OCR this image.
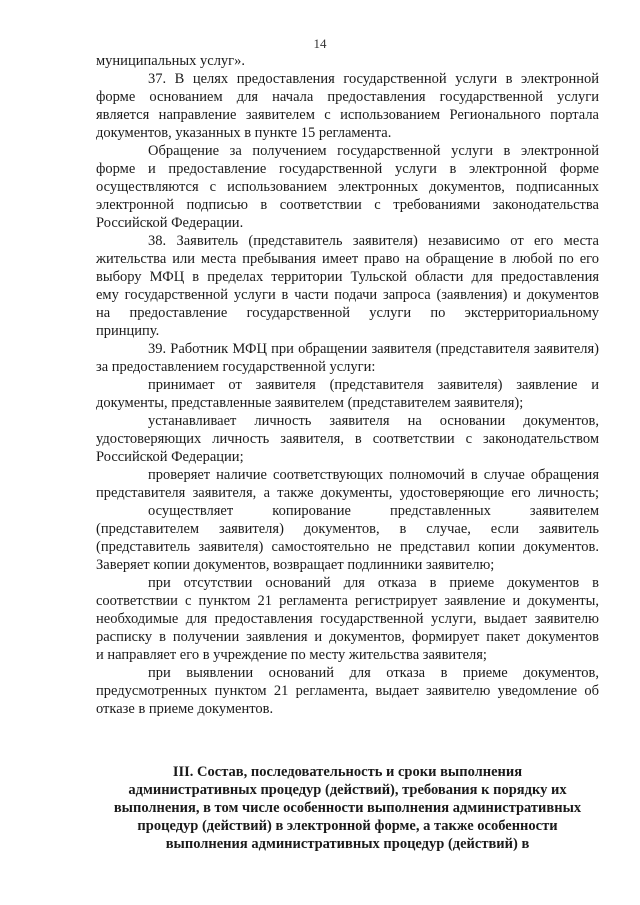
14
муниципальных услуг».
37. В целях предоставления государственной услуги в электронной
форме основанием для начала предоставления государственной услуги
является направление заявителем с использованием Регионального портала
документов, указанных в пункте 15 регламента.
Обращение за получением государственной услуги в электронной
форме и предоставление государственной услуги в электронной форме
осуществляются с использованием электронных документов, подписанных
электронной подписью в соответствии с требованиями законодательства
Российской Федерации.
38. Заявитель (представитель заявителя) независимо от его места
жительства или места пребывания имеет право на обращение в любой по его
выбору МФЦ в пределах территории Тульской области для предоставления
ему государственной услуги в части подачи запроса (заявления) и документов
на предоставление государственной услуги по экстерриториальному
принципу.
39. Работник МФЦ при обращении заявителя (представителя заявителя)
за предоставлением государственной услуги:
принимает от заявителя (представителя заявителя) заявление и
документы, представленные заявителем (представителем заявителя);
устанавливает личность заявителя на основании документов,
удостоверяющих личность заявителя, в соответствии с законодательством
Российской Федерации;
проверяет наличие соответствующих полномочий в случае обращения
представителя заявителя, а также документы, удостоверяющие его личность;
осуществляет копирование представленных заявителем
(представителем заявителя) документов, в случае, если заявитель
(представитель заявителя) самостоятельно не представил копии документов.
Заверяет копии документов, возвращает подлинники заявителю;
при отсутствии оснований для отказа в приеме документов в
соответствии с пунктом 21 регламента регистрирует заявление и документы,
необходимые для предоставления государственной услуги, выдает заявителю
расписку в получении заявления и документов, формирует пакет документов
и направляет его в учреждение по месту жительства заявителя;
при выявлении оснований для отказа в приеме документов,
предусмотренных пунктом 21 регламента, выдает заявителю уведомление об
отказе в приеме документов.
III. Состав, последовательность и сроки выполнения
административных процедур (действий), требования к порядку их
выполнения, в том числе особенности выполнения административных
процедур (действий) в электронной форме, а также особенности
выполнения административных процедур (действий) в
